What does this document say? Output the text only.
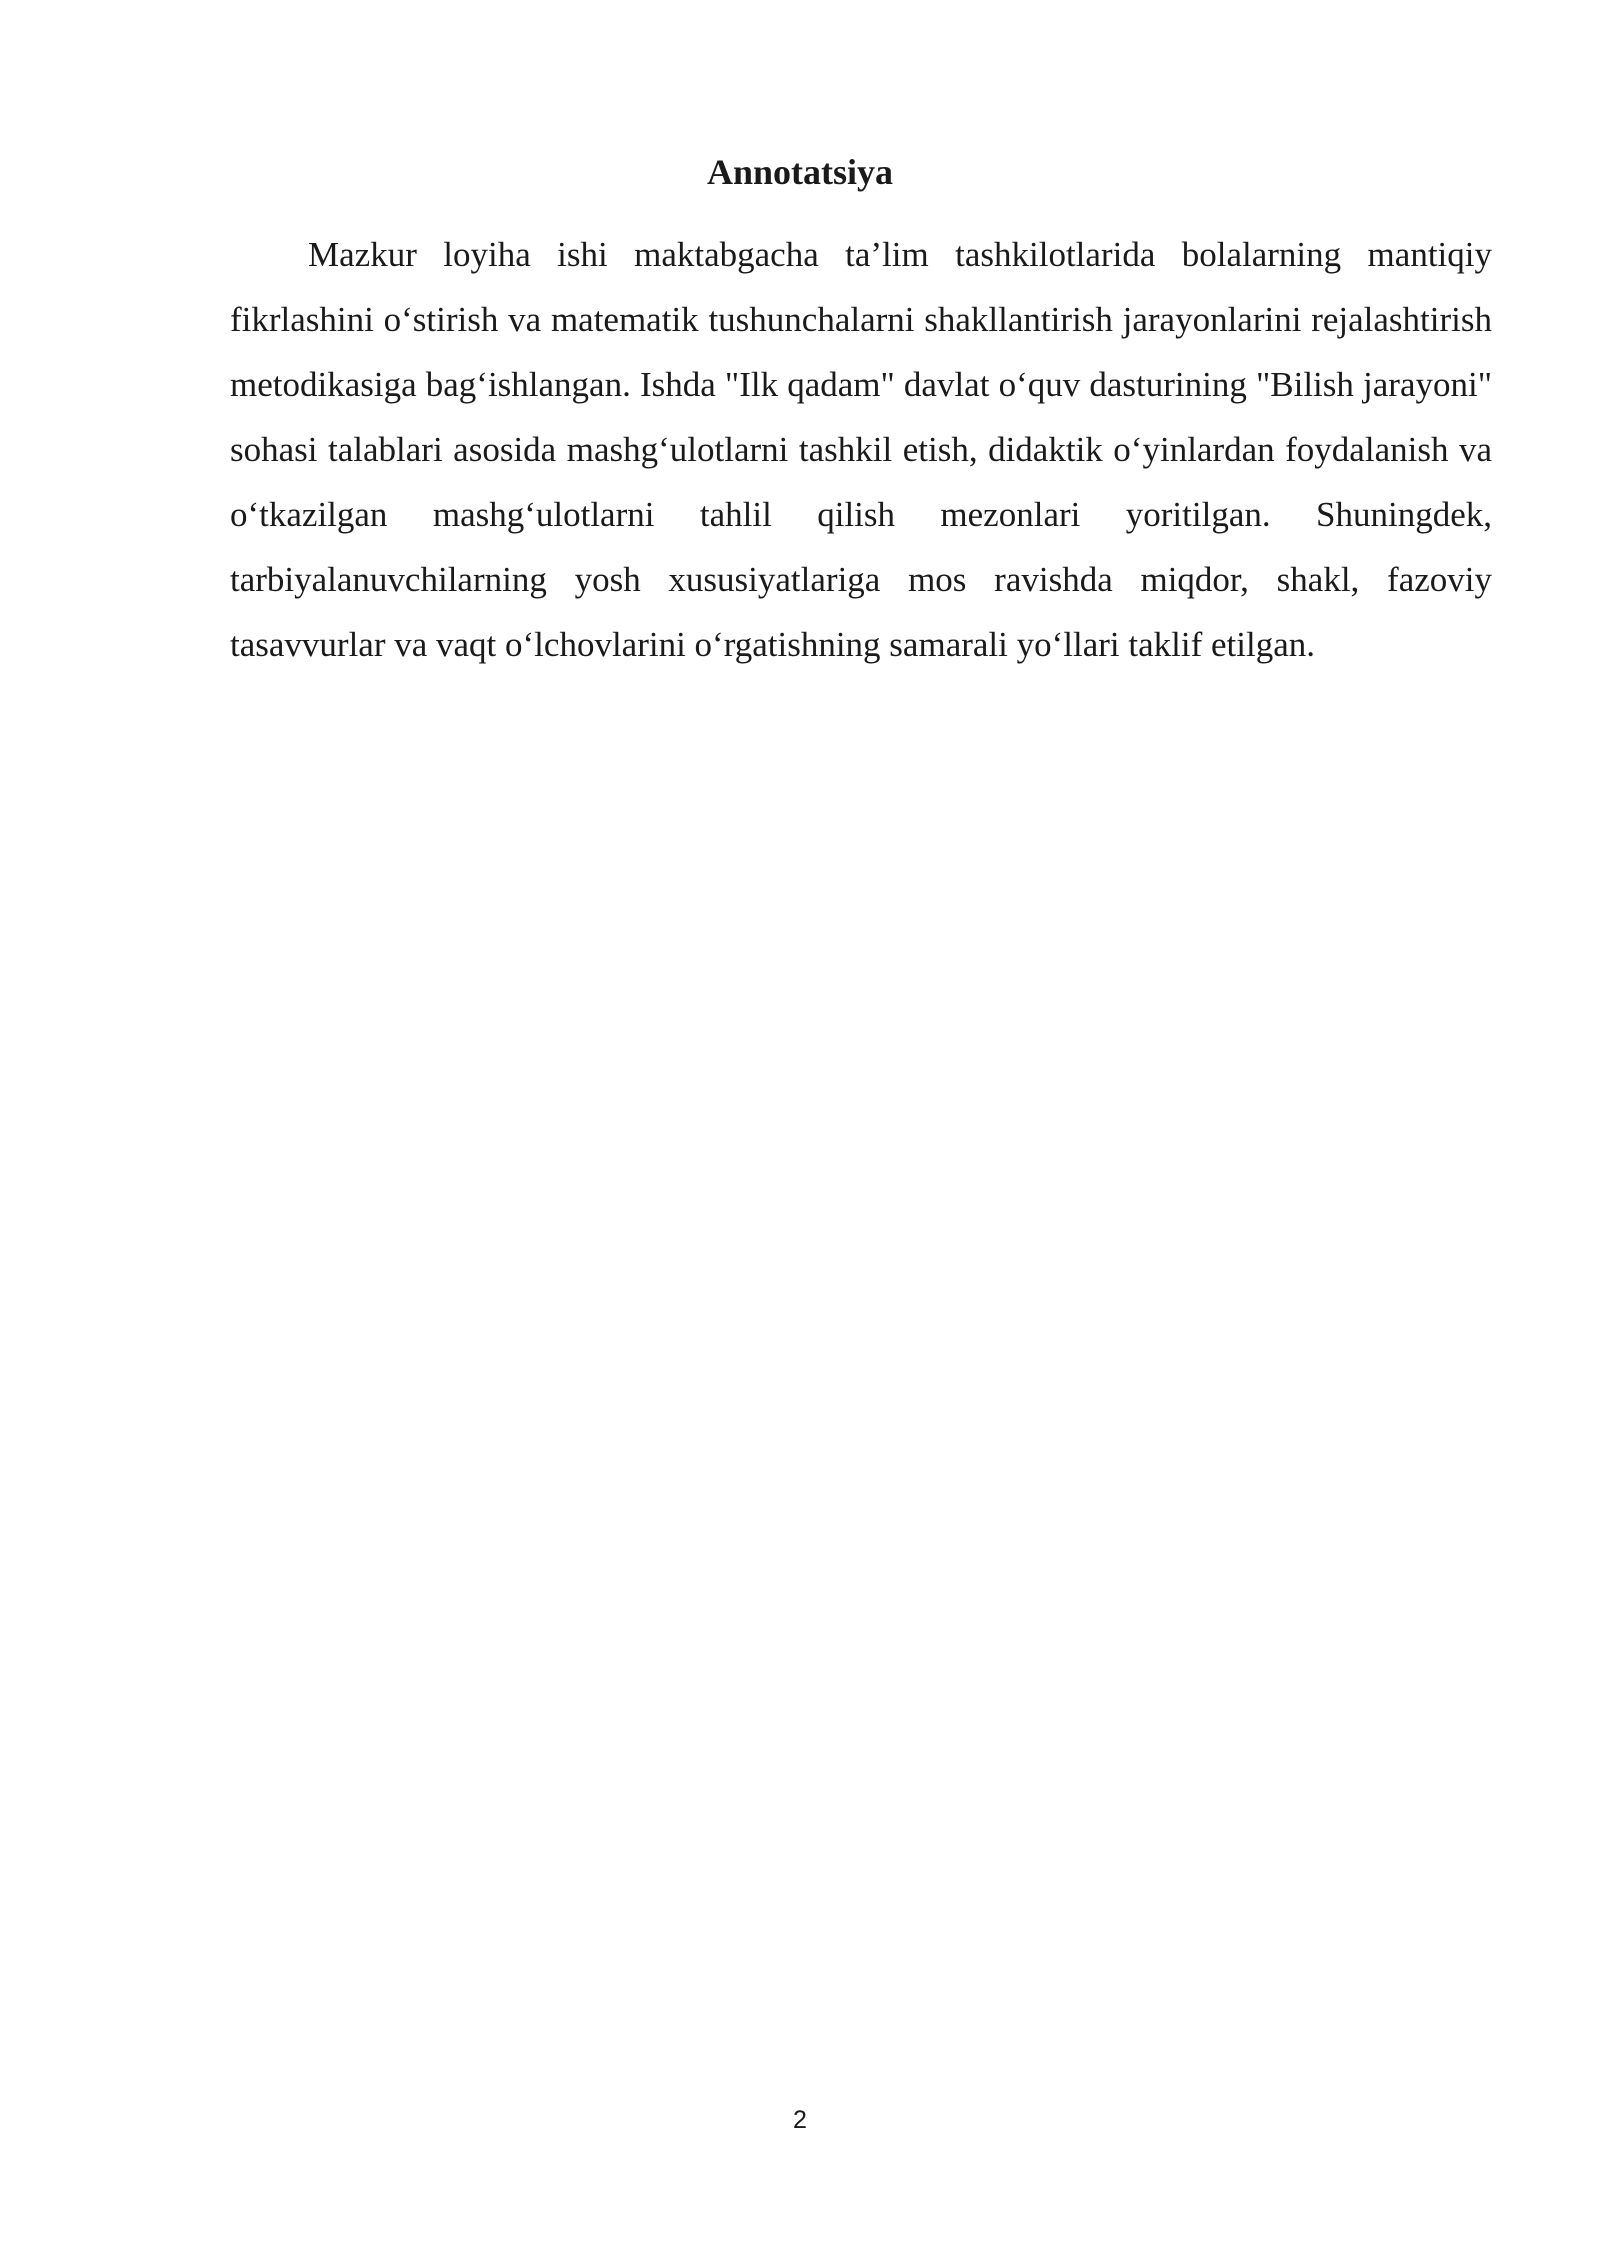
Annotatsiya

Mazkur loyiha ishi maktabgacha ta’lim tashkilotlarida bolalarning mantiqiy fikrlashini o‘stirish va matematik tushunchalarni shakllantirish jarayonlarini rejalashtirish metodikasiga bag‘ishlangan. Ishda "Ilk qadam" davlat o‘quv dasturining "Bilish jarayoni" sohasi talablari asosida mashg‘ulotlarni tashkil etish, didaktik o‘yinlardan foydalanish va o‘tkazilgan mashg‘ulotlarni tahlil qilish mezonlari yoritilgan. Shuningdek, tarbiyalanuvchilarning yosh xususiyatlariga mos ravishda miqdor, shakl, fazoviy tasavvurlar va vaqt o‘lchovlarini o‘rgatishning samarali yo‘llari taklif etilgan.

2
